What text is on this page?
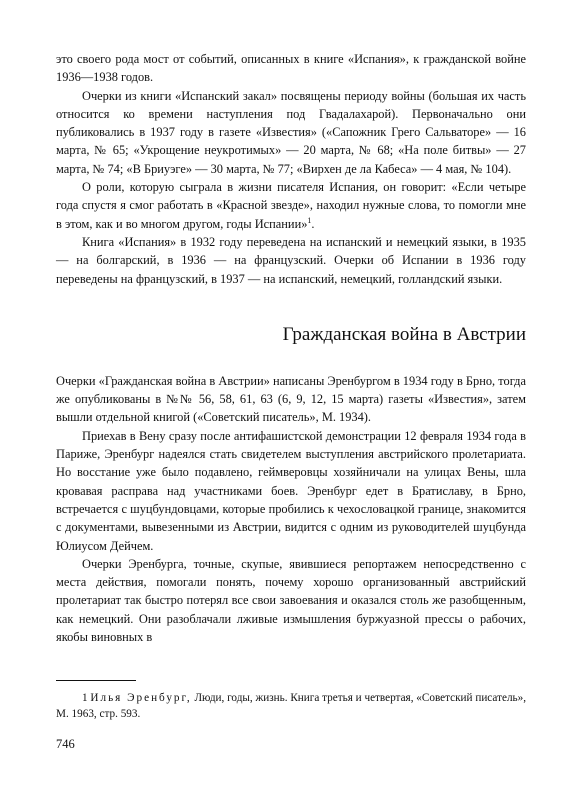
это своего рода мост от событий, описанных в книге «Испания», к гражданской войне 1936—1938 годов.

Очерки из книги «Испанский закал» посвящены периоду войны (большая их часть относится ко времени наступления под Гвадалахарой). Первоначально они публиковались в 1937 году в газете «Известия» («Сапожник Грего Сальваторе» — 16 марта, № 65; «Укрощение неукротимых» — 20 марта, № 68; «На поле битвы» — 27 марта, № 74; «В Бриуэге» — 30 марта, № 77; «Вирхен де ла Кабеса» — 4 мая, № 104).

О роли, которую сыграла в жизни писателя Испания, он говорит: «Если четыре года спустя я смог работать в «Красной звезде», находил нужные слова, то помогли мне в этом, как и во многом другом, годы Испании»$^1$.

Книга «Испания» в 1932 году переведена на испанский и немецкий языки, в 1935 — на болгарский, в 1936 — на французский. Очерки об Испании в 1936 году переведены на французский, в 1937 — на испанский, немецкий, голландский языки.

Гражданская война в Австрии

Очерки «Гражданская война в Австрии» написаны Эренбургом в 1934 году в Брно, тогда же опубликованы в №№ 56, 58, 61, 63 (6, 9, 12, 15 марта) газеты «Известия», затем вышли отдельной книгой («Советский писатель», М. 1934).

Приехав в Вену сразу после антифашистской демонстрации 12 февраля 1934 года в Париже, Эренбург надеялся стать свидетелем выступления австрийского пролетариата. Но восстание уже было подавлено, геймверовцы хозяйничали на улицах Вены, шла кровавая расправа над участниками боев. Эренбург едет в Братиславу, в Брно, встречается с шуцбундовцами, которые пробились к чехословацкой границе, знакомится с документами, вывезенными из Австрии, видится с одним из руководителей шуцбунда Юлиусом Дейчем.

Очерки Эренбурга, точные, скупые, явившиеся репортажем непосредственно с места действия, помогали понять, почему хорошо организованный австрийский пролетариат так быстро потерял все свои завоевания и оказался столь же разобщенным, как немецкий. Они разоблачали лживые измышления буржуазной прессы о рабочих, якобы виновных в

1 Илья Эренбург, Люди, годы, жизнь. Книга третья и четвертая, «Советский писатель», М. 1963, стр. 593.
746
